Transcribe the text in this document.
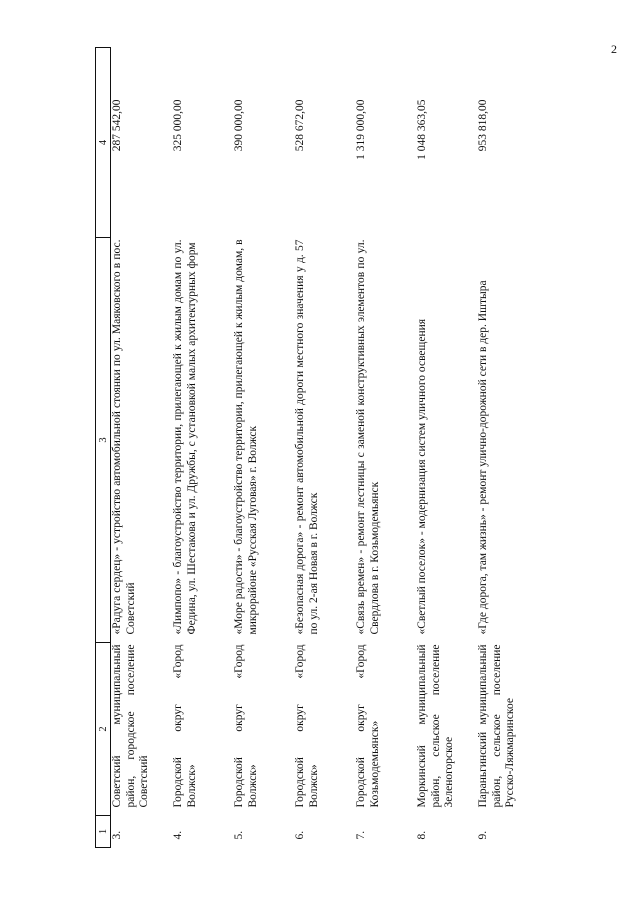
2
1	2	3	4
3.	Советский муниципальный район, городское поселение Советский	«Радуга сердец» - устройство автомобильной стоянки по ул. Маяковского в пос. Советский	287 542,00
4.	Городской округ «Город Волжск»	«Лимпопо» - благоустройство территории, прилегающей к жилым домам по ул. Федина, ул. Шестакова и ул. Дружбы, с установкой малых архитектурных форм	325 000,00
5.	Городской округ «Город Волжск»	«Море радости» - благоустройство территории, прилегающей к жилым домам, в микрорайоне «Русская Луговая» г. Волжск	390 000,00
6.	Городской округ «Город Волжск»	«Безопасная дорога» - ремонт автомобильной дороги местного значения у д. 57 по ул. 2-ая Новая в г. Волжск	528 672,00
7.	Городской округ «Город Козьмодемьянск»	«Связь времен» - ремонт лестницы с заменой конструктивных элементов по ул. Свердлова в г. Козьмодемьянск	1 319 000,00
8.	Моркинский муниципальный район, сельское поселение Зеленогорское	«Светлый поселок» - модернизация систем уличного освещения	1 048 363,05
9.	Параньгинский муниципальный район, сельское поселение Русско-Ляжмаринское	«Где дорога, там жизнь» - ремонт улично-дорожной сети в дер. Иштыра	953 818,00
